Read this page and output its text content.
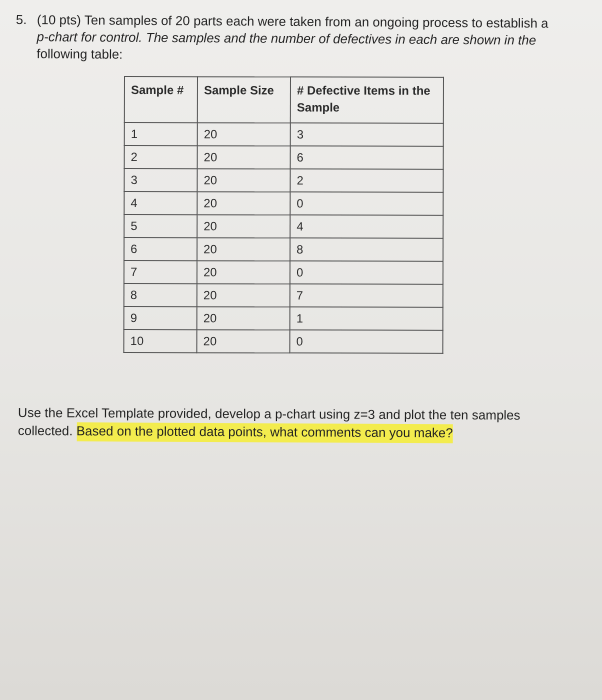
5. (10 pts) Ten samples of 20 parts each were taken from an ongoing process to establish a
p-chart for control. The samples and the number of defectives in each are shown in the
following table:
Sample #	Sample Size	# Defective Items in the Sample
1	20	3
2	20	6
3	20	2
4	20	0
5	20	4
6	20	8
7	20	0
8	20	7
9	20	1
10	20	0
Use the Excel Template provided, develop a p-chart using z=3 and plot the ten samples
collected. Based on the plotted data points, what comments can you make?
